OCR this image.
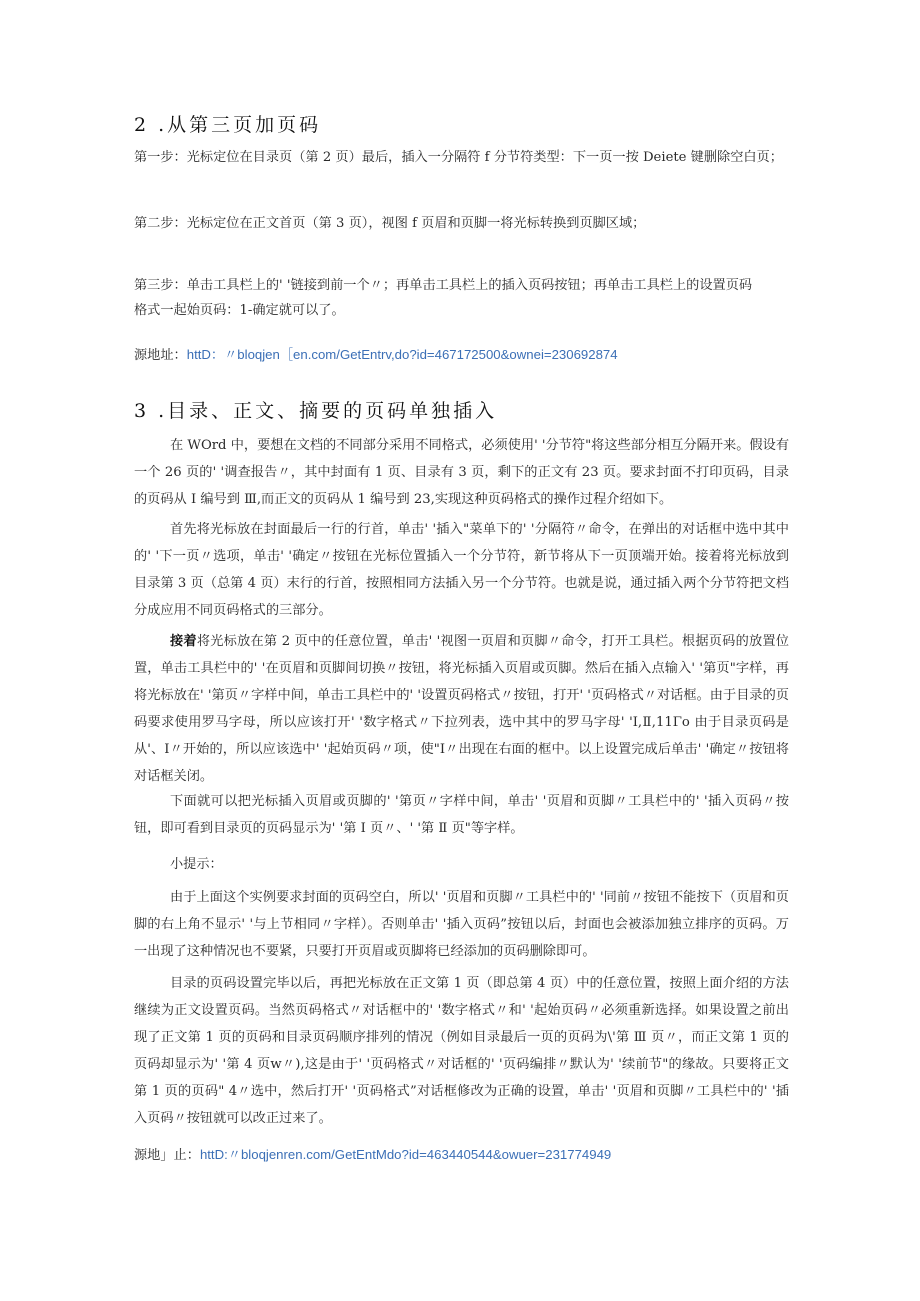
2 .从第三页加页码
第一步：光标定位在目录页（第 2 页）最后，插入一分隔符 f 分节符类型：下一页一按 Deiete 键删除空白页；
第二步：光标定位在正文首页（第 3 页），视图 f 页眉和页脚一将光标转换到页脚区域；
第三步：单击工具栏上的' '链接到前一个〃；再单击工具栏上的插入页码按钮；再单击工具栏上的设置页码
格式一起始页码：1-确定就可以了。
源地址：httD：〃bloqjen［en.com/GetEntrv,do?id=467172500&ownei=230692874
3 .目录、正文、摘要的页码单独插入
在 WOrd 中，要想在文档的不同部分采用不同格式，必须使用' '分节符"将这些部分相互分隔开来。假设有一个 26 页的' '调查报告〃，其中封面有 1 页、目录有 3 页，剩下的正文有 23 页。要求封面不打印页码，目录的页码从 I 编号到 Ⅲ,而正文的页码从 1 编号到 23,实现这种页码格式的操作过程介绍如下。
首先将光标放在封面最后一行的行首，单击' '插入"菜单下的' '分隔符〃命令，在弹出的对话框中选中其中的' '下一页〃选项，单击' '确定〃按钮在光标位置插入一个分节符，新节将从下一页顶端开始。接着将光标放到目录第 3 页（总第 4 页）末行的行首，按照相同方法插入另一个分节符。也就是说，通过插入两个分节符把文档分成应用不同页码格式的三部分。
接着将光标放在第 2 页中的任意位置，单击' '视图一页眉和页脚〃命令，打开工具栏。根据页码的放置位置，单击工具栏中的' '在页眉和页脚间切换〃按钮，将光标插入页眉或页脚。然后在插入点输入' '第页"字样，再将光标放在' '第页〃字样中间，单击工具栏中的' '设置页码格式〃按钮，打开' '页码格式〃对话框。由于目录的页码要求使用罗马字母，所以应该打开' '数字格式〃下拉列表，选中其中的罗马字母' 'I,Ⅱ,11Γo 由于目录页码是从'、I〃开始的，所以应该选中' '起始页码〃项，使"I〃出现在右面的框中。以上设置完成后单击' '确定〃按钮将对话框关闭。
下面就可以把光标插入页眉或页脚的' '第页〃字样中间，单击' '页眉和页脚〃工具栏中的' '插入页码〃按钮，即可看到目录页的页码显示为' '第 I 页〃、' '第 Ⅱ 页"等字样。
小提示：
由于上面这个实例要求封面的页码空白，所以' '页眉和页脚〃工具栏中的' '同前〃按钮不能按下（页眉和页脚的右上角不显示' '与上节相同〃字样）。否则单击' '插入页码”按钮以后，封面也会被添加独立排序的页码。万一出现了这种情况也不要紧，只要打开页眉或页脚将已经添加的页码删除即可。
目录的页码设置完毕以后，再把光标放在正文第 1 页（即总第 4 页）中的任意位置，按照上面介绍的方法继续为正文设置页码。当然页码格式〃对话框中的' '数字格式〃和' '起始页码〃必须重新选择。如果设置之前出现了正文第 1 页的页码和目录页码顺序排列的情况（例如目录最后一页的页码为\'第 Ⅲ 页〃，而正文第 1 页的页码却显示为' '第 4 页w〃),这是由于' '页码格式〃对话框的' '页码编排〃默认为' '续前节"的缘故。只要将正文第 1 页的页码" 4〃选中，然后打开' '页码格式”对话框修改为正确的设置，单击' '页眉和页脚〃工具栏中的' '插入页码〃按钮就可以改正过来了。
源地」止：httD:〃bloqjenren.com/GetEntMdo?id=463440544&owuer=231774949
